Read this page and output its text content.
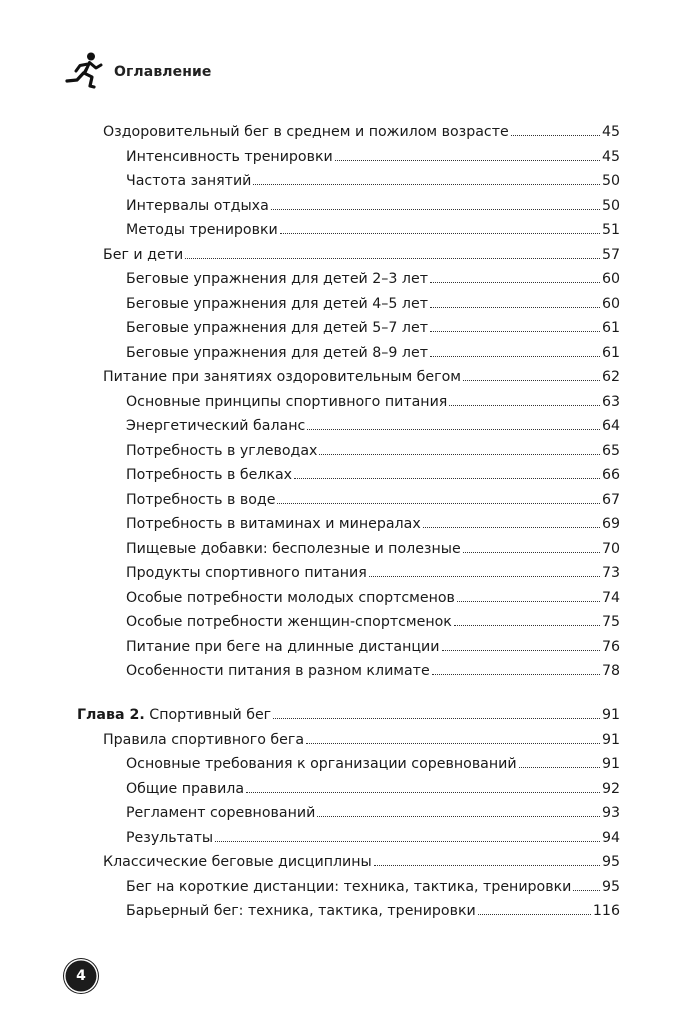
Оглавление
Оздоровительный бег в среднем и пожилом возрасте	45
Интенсивность тренировки	45
Частота занятий	50
Интервалы отдыха	50
Методы тренировки	51
Бег и дети	57
Беговые упражнения для детей 2–3 лет	60
Беговые упражнения для детей 4–5 лет	60
Беговые упражнения для детей 5–7 лет	61
Беговые упражнения для детей 8–9 лет	61
Питание при занятиях оздоровительным бегом	62
Основные принципы спортивного питания	63
Энергетический баланс	64
Потребность в углеводах	65
Потребность в белках	66
Потребность в воде	67
Потребность в витаминах и минералах	69
Пищевые добавки: бесполезные и полезные	70
Продукты спортивного питания	73
Особые потребности молодых спортсменов	74
Особые потребности женщин-спортсменок	75
Питание при беге на длинные дистанции	76
Особенности питания в разном климате	78
Глава 2. Спортивный бег	91
Правила спортивного бега	91
Основные требования к организации соревнований	91
Общие правила	92
Регламент соревнований	93
Результаты	94
Классические беговые дисциплины	95
Бег на короткие дистанции: техника, тактика, тренировки 95
Барьерный бег: техника, тактика, тренировки	116
4
